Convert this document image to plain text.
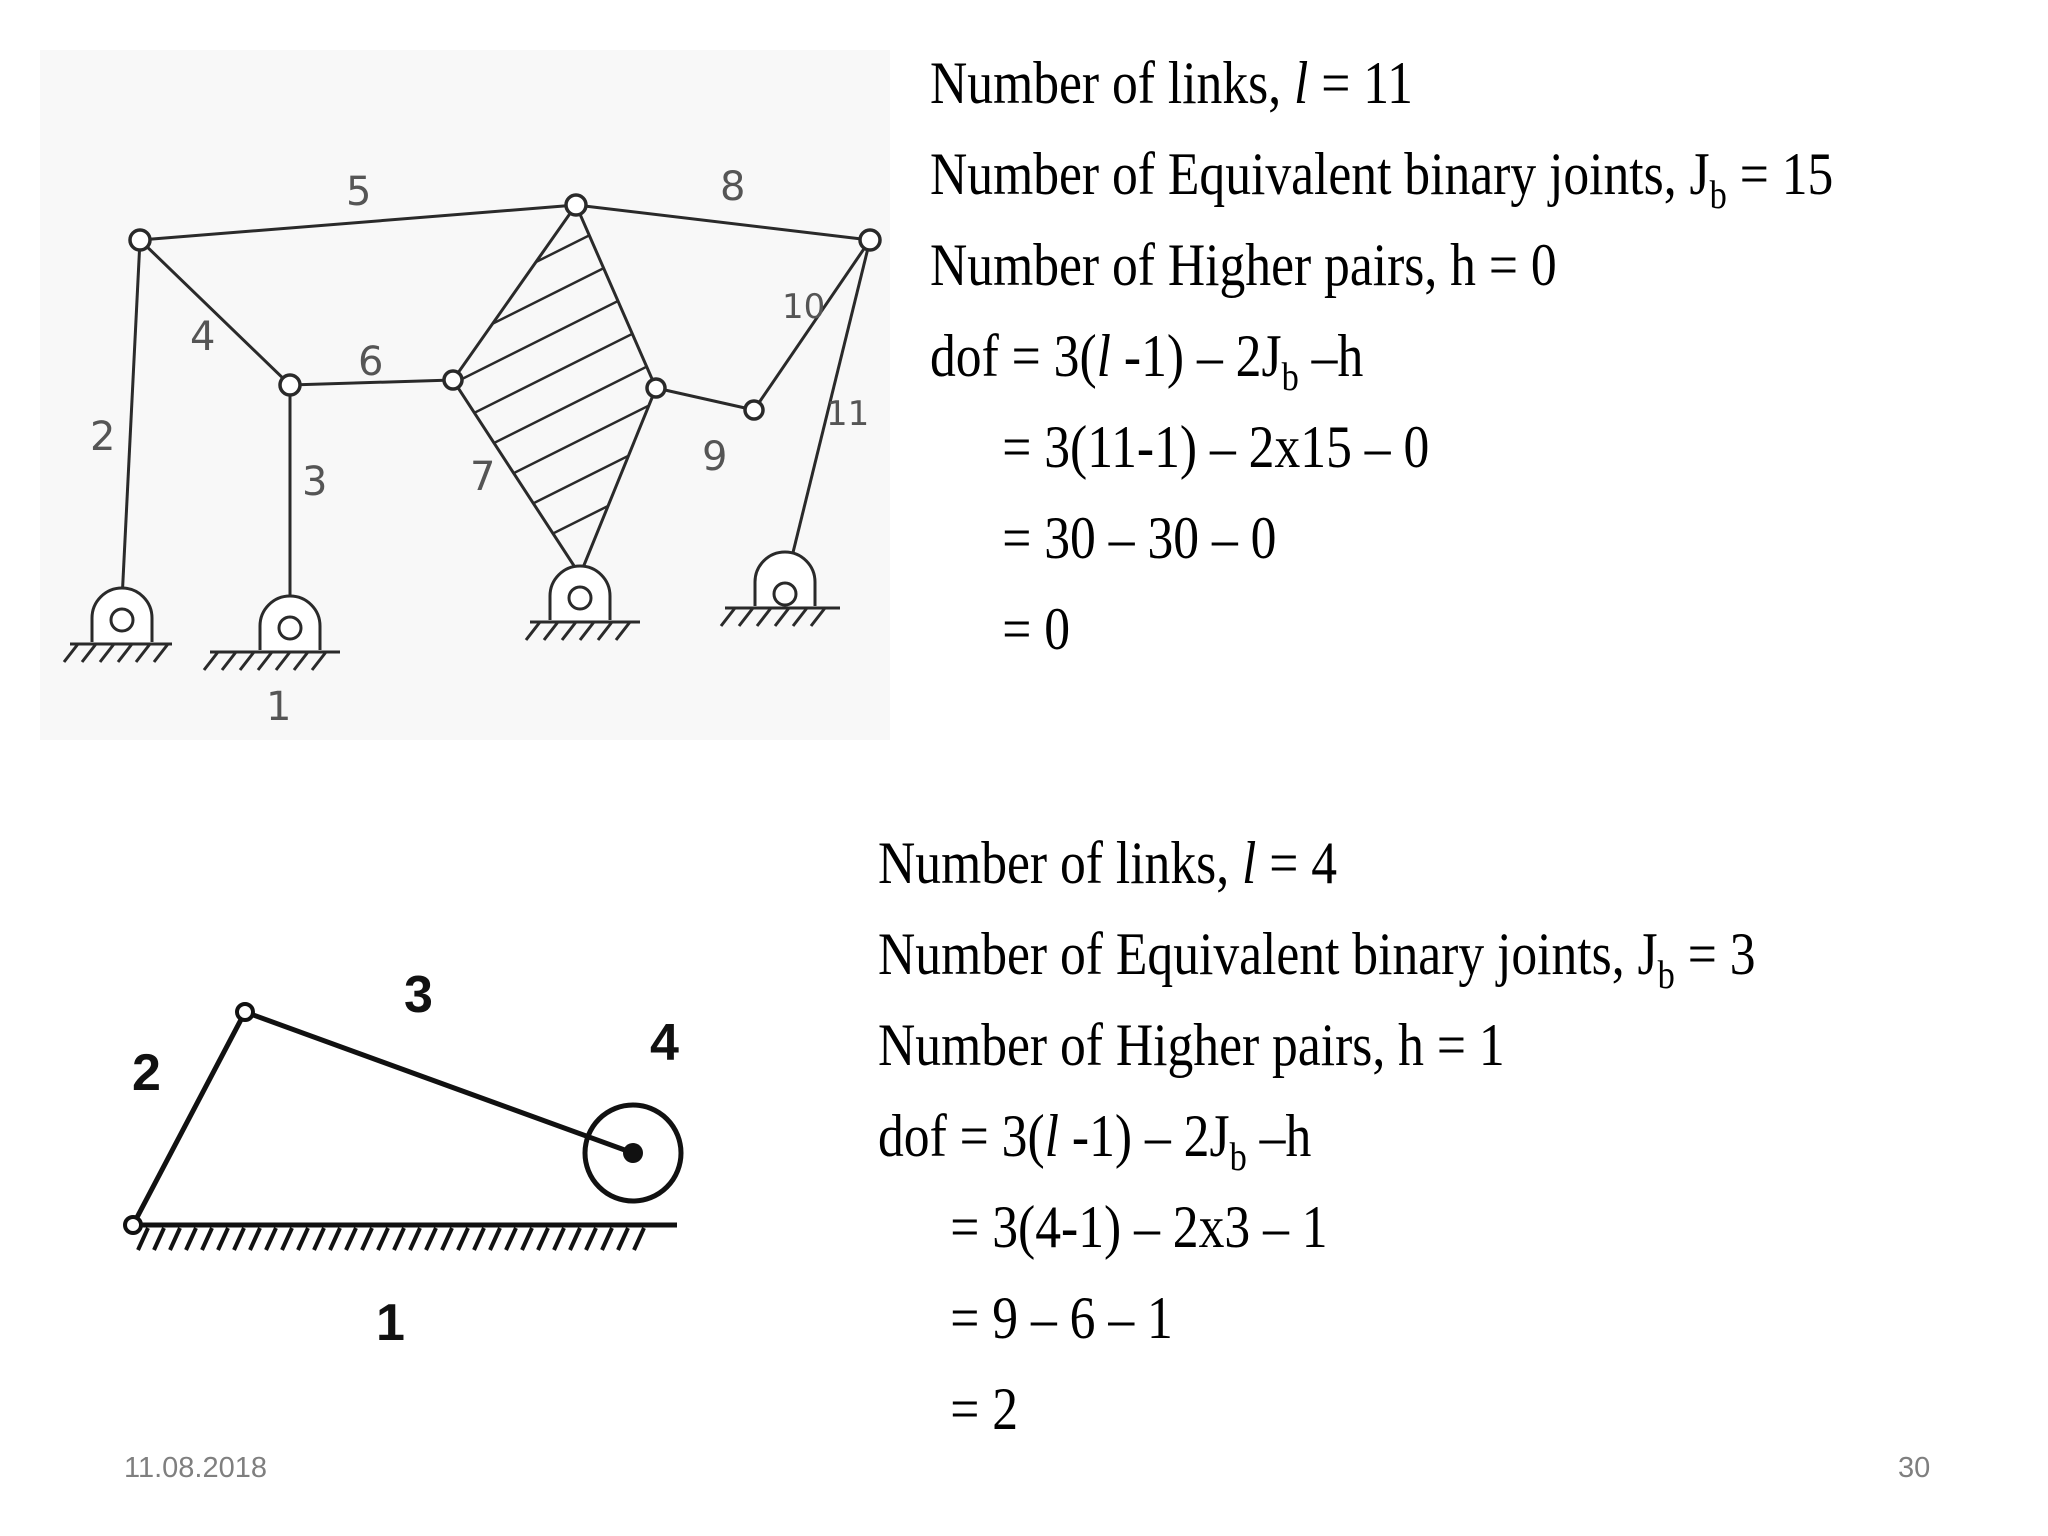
5	8
4
6
10
2
3	7	9
11
1
Number of links, l = 11
Number of Equivalent binary joints, $J_b = 15$
Number of Higher pairs, h = 0
dof = 3(l $-1) - 2J_b$ –h
= 3(11-1) – 2x15 – 0
= 30 – 30 – 0
= 0
3
2
4
1
Number of links, l = 4
Number of Equivalent binary joints, $J_b = 3$
Number of Higher pairs, h = 1
dof = 3(l $-1) - 2J_b$ –h
= 3(4-1) – 2x3 – 1
= 9 – 6 – 1
= 2
11.08.2018	30
